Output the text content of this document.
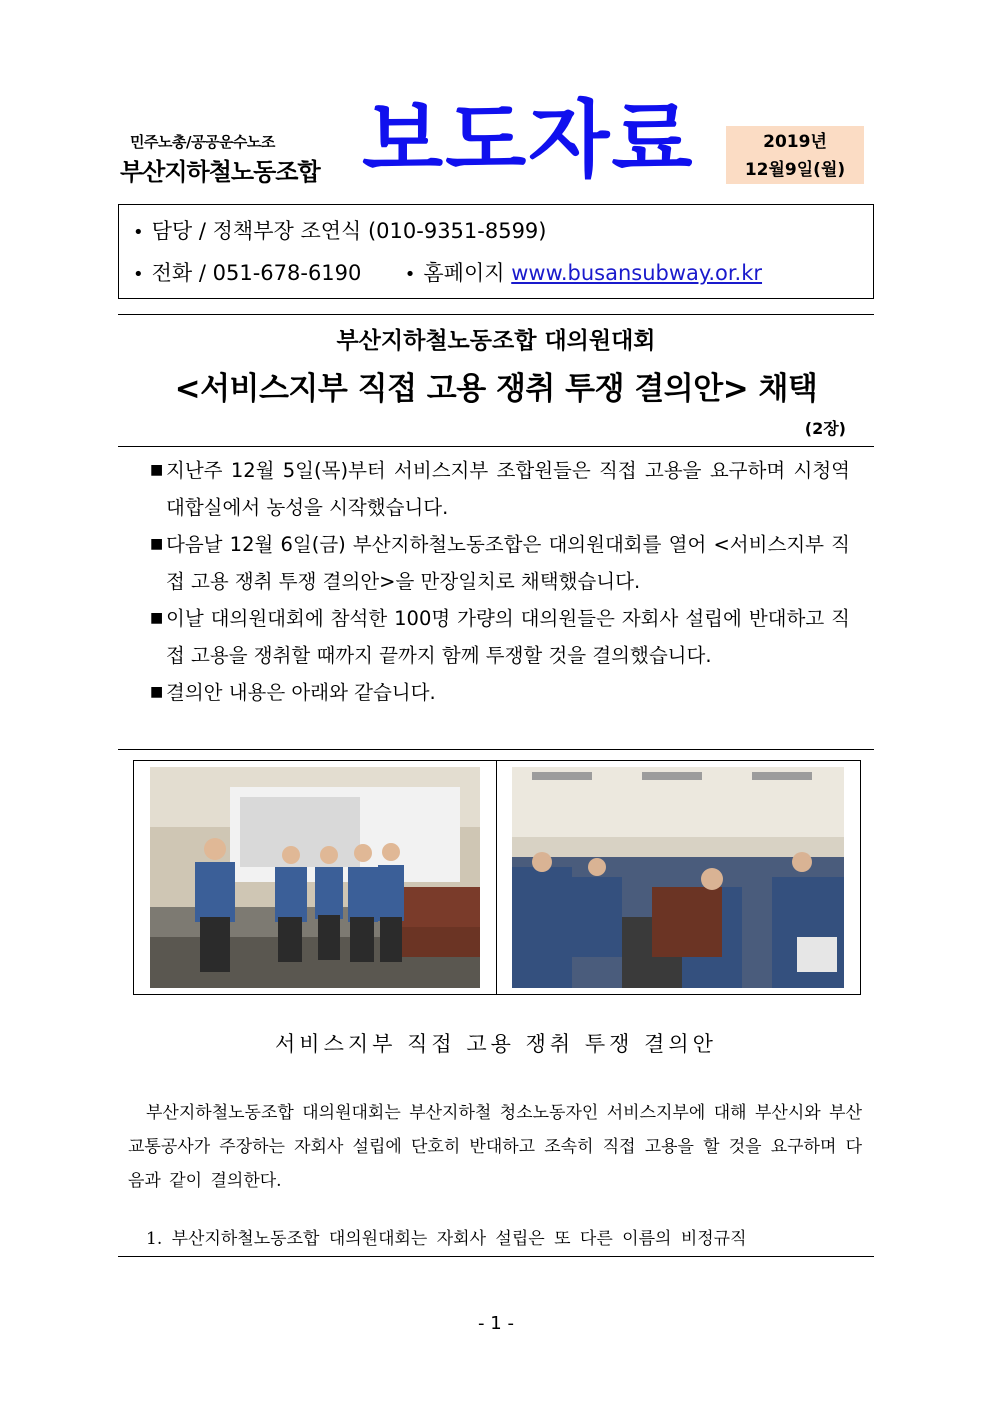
민주노총/공공운수노조
부산지하철노동조합 보도자료	2019년
12월9일(월)
• 담당 / 정책부장 조연식 (010-9351-8599)
• 전화 / 051-678-6190 • 홈페이지 www.busansubway.or.kr
부산지하철노동조합 대의원대회
<서비스지부 직접 고용 쟁취 투쟁 결의안> 채택
(2장)
■ 지난주 12월 5일(목)부터 서비스지부 조합원들은 직접 고용을 요구하며 시청역 대합실에서 농성을 시작했습니다.
■ 다음날 12월 6일(금) 부산지하철노동조합은 대의원대회를 열어 <서비스지부 직접 고용 쟁취 투쟁 결의안>을 만장일치로 채택했습니다.
■ 이날 대의원대회에 참석한 100명 가량의 대의원들은 자회사 설립에 반대하고 직접 고용을 쟁취할 때까지 끝까지 함께 투쟁할 것을 결의했습니다.
■ 결의안 내용은 아래와 같습니다.
서비스지부 직접 고용 쟁취 투쟁 결의안
부산지하철노동조합 대의원대회는 부산지하철 청소노동자인 서비스지부에 대해 부산시와 부산교통공사가 주장하는 자회사 설립에 단호히 반대하고 조속히 직접 고용을 할 것을 요구하며 다음과 같이 결의한다.
1. 부산지하철노동조합 대의원대회는 자회사 설립은 또 다른 이름의 비정규직
- 1 -
